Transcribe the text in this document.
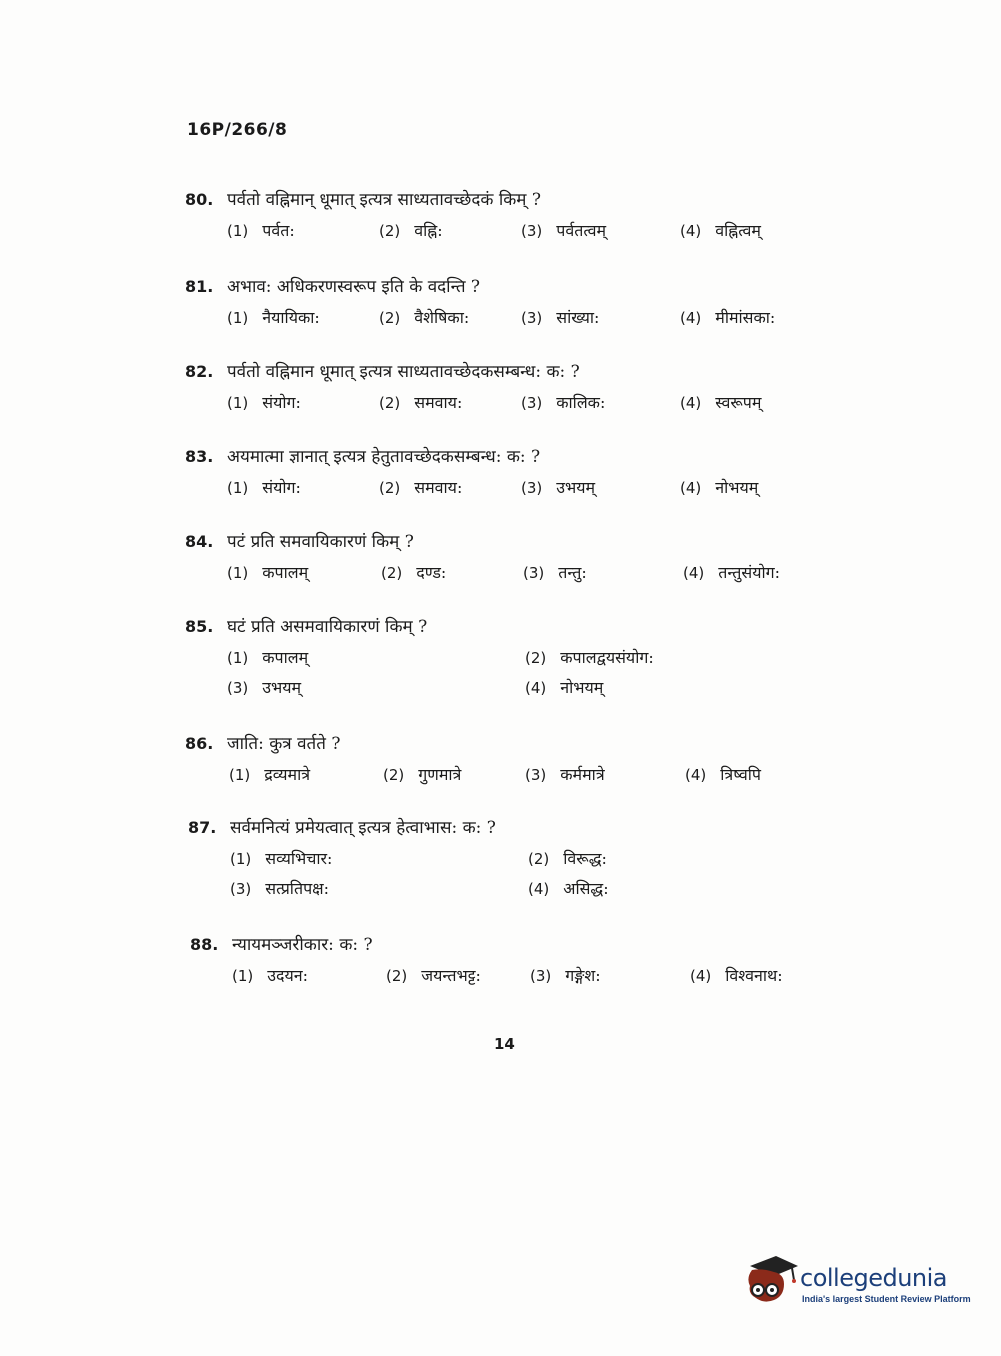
16P/266/8
80. पर्वतो वह्निमान् धूमात् इत्यत्र साध्यतावच्छेदकं किम् ?
(1) पर्वत:	(2) वह्नि:	(3) पर्वतत्वम्	(4) वह्नित्वम्
81. अभाव: अधिकरणस्वरूप इति के वदन्ति ?
(1) नैयायिका:	(2) वैशेषिका:	(3) सांख्या:	(4) मीमांसका:
82. पर्वतो वह्निमान धूमात् इत्यत्र साध्यतावच्छेदकसम्बन्ध: क: ?
(1) संयोग:	(2) समवाय:	(3) कालिक:	(4) स्वरूपम्
83. अयमात्मा ज्ञानात् इत्यत्र हेतुतावच्छेदकसम्बन्ध: क: ?
(1) संयोग:	(2) समवाय:	(3) उभयम्	(4) नोभयम्
84. पटं प्रति समवायिकारणं किम् ?
(1) कपालम्	(2) दण्ड:	(3) तन्तु:	(4) तन्तुसंयोग:
85. घटं प्रति असमवायिकारणं किम् ?
(1) कपालम्	(2) कपालद्वयसंयोग:
(3) उभयम्	(4) नोभयम्
86. जाति: कुत्र वर्तते ?
(1) द्रव्यमात्रे	(2) गुणमात्रे	(3) कर्ममात्रे	(4) त्रिष्वपि
87. सर्वमनित्यं प्रमेयत्वात् इत्यत्र हेत्वाभास: क: ?
(1) सव्यभिचार:	(2) विरूद्ध:
(3) सत्प्रतिपक्ष:	(4) असिद्ध:
88. न्यायमञ्जरीकार: क: ?
(1) उदयन:	(2) जयन्तभट्ट:	(3) गङ्गेश:	(4) विश्वनाथ:
14
collegedunia
India's largest Student Review Platform
